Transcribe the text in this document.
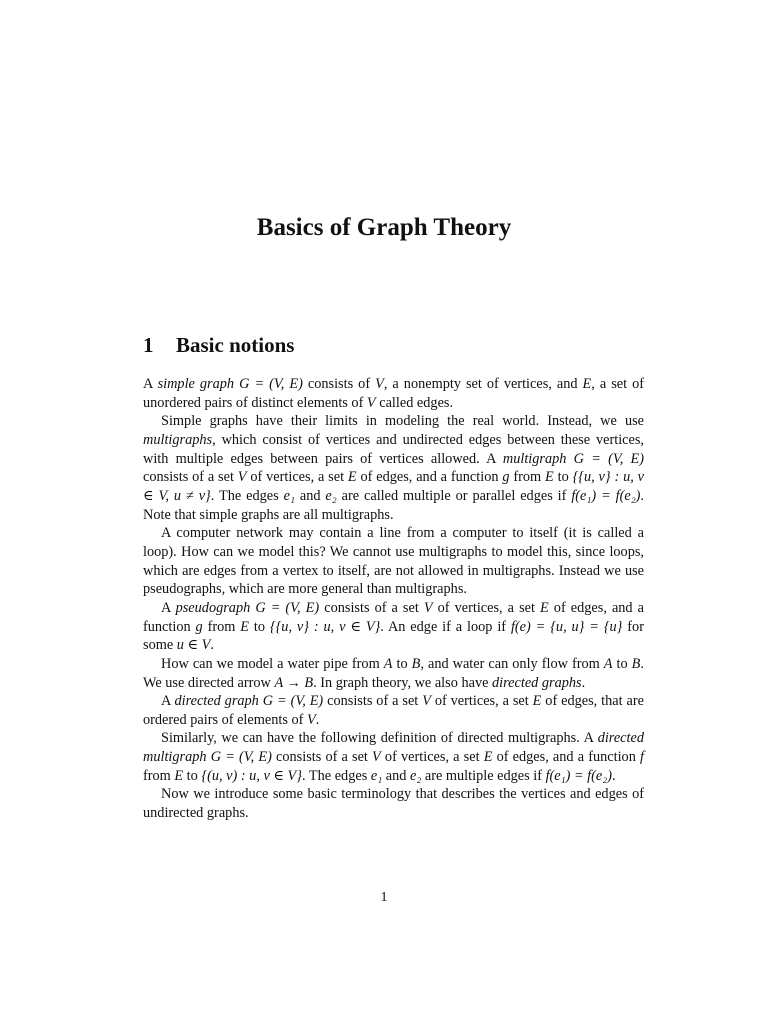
Basics of Graph Theory
1 Basic notions

A simple graph G = (V, E) consists of V, a nonempty set of vertices, and E, a set of unordered pairs of distinct elements of V called edges.

Simple graphs have their limits in modeling the real world. Instead, we use multigraphs, which consist of vertices and undirected edges between these vertices, with multiple edges between pairs of vertices allowed. A multigraph G = (V, E) consists of a set V of vertices, a set E of edges, and a function g from E to {{u, v} : u, v ∈ V, u ≠ v}. The edges e₁ and e₂ are called multiple or parallel edges if f(e₁) = f(e₂). Note that simple graphs are all multigraphs.

A computer network may contain a line from a computer to itself (it is called a loop). How can we model this? We cannot use multigraphs to model this, since loops, which are edges from a vertex to itself, are not allowed in multigraphs. Instead we use pseudographs, which are more general than multigraphs.

A pseudograph G = (V, E) consists of a set V of vertices, a set E of edges, and a function g from E to {{u, v} : u, v ∈ V}. An edge if a loop if f(e) = {u, u} = {u} for some u ∈ V.

How can we model a water pipe from A to B, and water can only flow from A to B. We use directed arrow A → B. In graph theory, we also have directed graphs.

A directed graph G = (V, E) consists of a set V of vertices, a set E of edges, that are ordered pairs of elements of V.

Similarly, we can have the following definition of directed multigraphs. A directed multigraph G = (V, E) consists of a set V of vertices, a set E of edges, and a function f from E to {(u, v) : u, v ∈ V}. The edges e₁ and e₂ are multiple edges if f(e₁) = f(e₂).

Now we introduce some basic terminology that describes the vertices and edges of undirected graphs.

1
